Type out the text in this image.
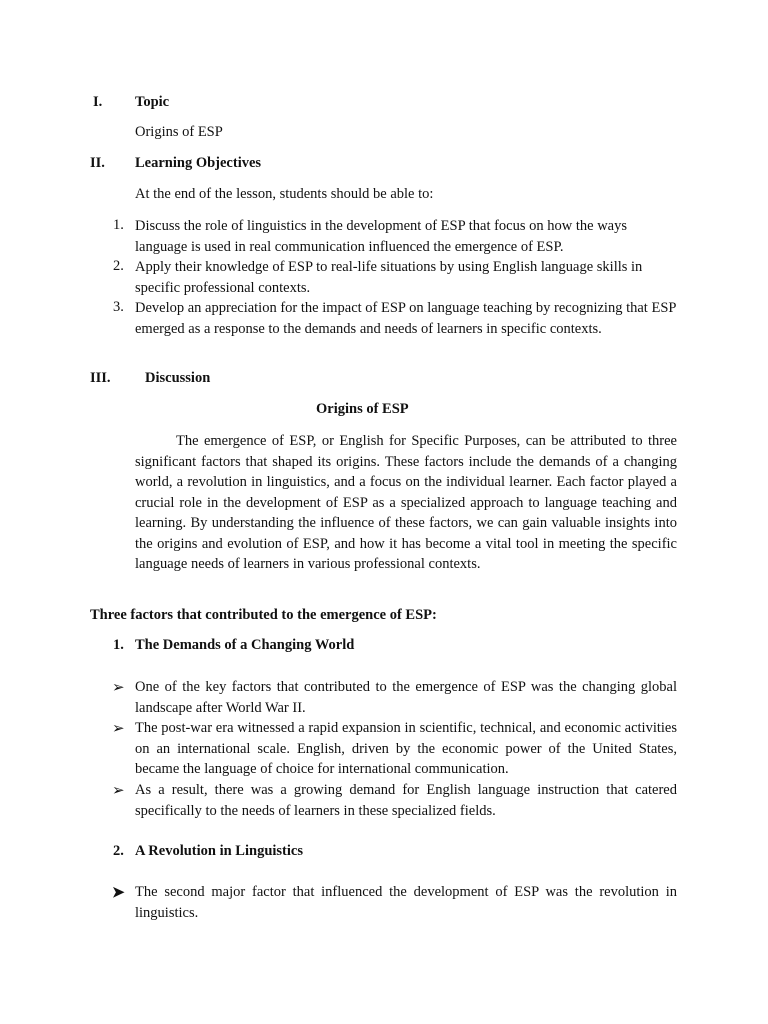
I. Topic
Origins of ESP
II. Learning Objectives
At the end of the lesson, students should be able to:
1. Discuss the role of linguistics in the development of ESP that focus on how the ways language is used in real communication influenced the emergence of ESP.

2. Apply their knowledge of ESP to real-life situations by using English language skills in specific professional contexts.

3. Develop an appreciation for the impact of ESP on language teaching by recognizing that ESP emerged as a response to the demands and needs of learners in specific contexts.

III. Discussion
Origins of ESP

The emergence of ESP, or English for Specific Purposes, can be attributed to three significant factors that shaped its origins. These factors include the demands of a changing world, a revolution in linguistics, and a focus on the individual learner. Each factor played a crucial role in the development of ESP as a specialized approach to language teaching and learning. By understanding the influence of these factors, we can gain valuable insights into the origins and evolution of ESP, and how it has become a vital tool in meeting the specific language needs of learners in various professional contexts.

Three factors that contributed to the emergence of ESP:
1. The Demands of a Changing World
➢ One of the key factors that contributed to the emergence of ESP was the changing global landscape after World War II.

➢ The post-war era witnessed a rapid expansion in scientific, technical, and economic activities on an international scale. English, driven by the economic power of the United States, became the language of choice for international communication.

➢ As a result, there was a growing demand for English language instruction that catered specifically to the needs of learners in these specialized fields.

2. A Revolution in Linguistics
➤ The second major factor that influenced the development of ESP was the revolution in linguistics.
